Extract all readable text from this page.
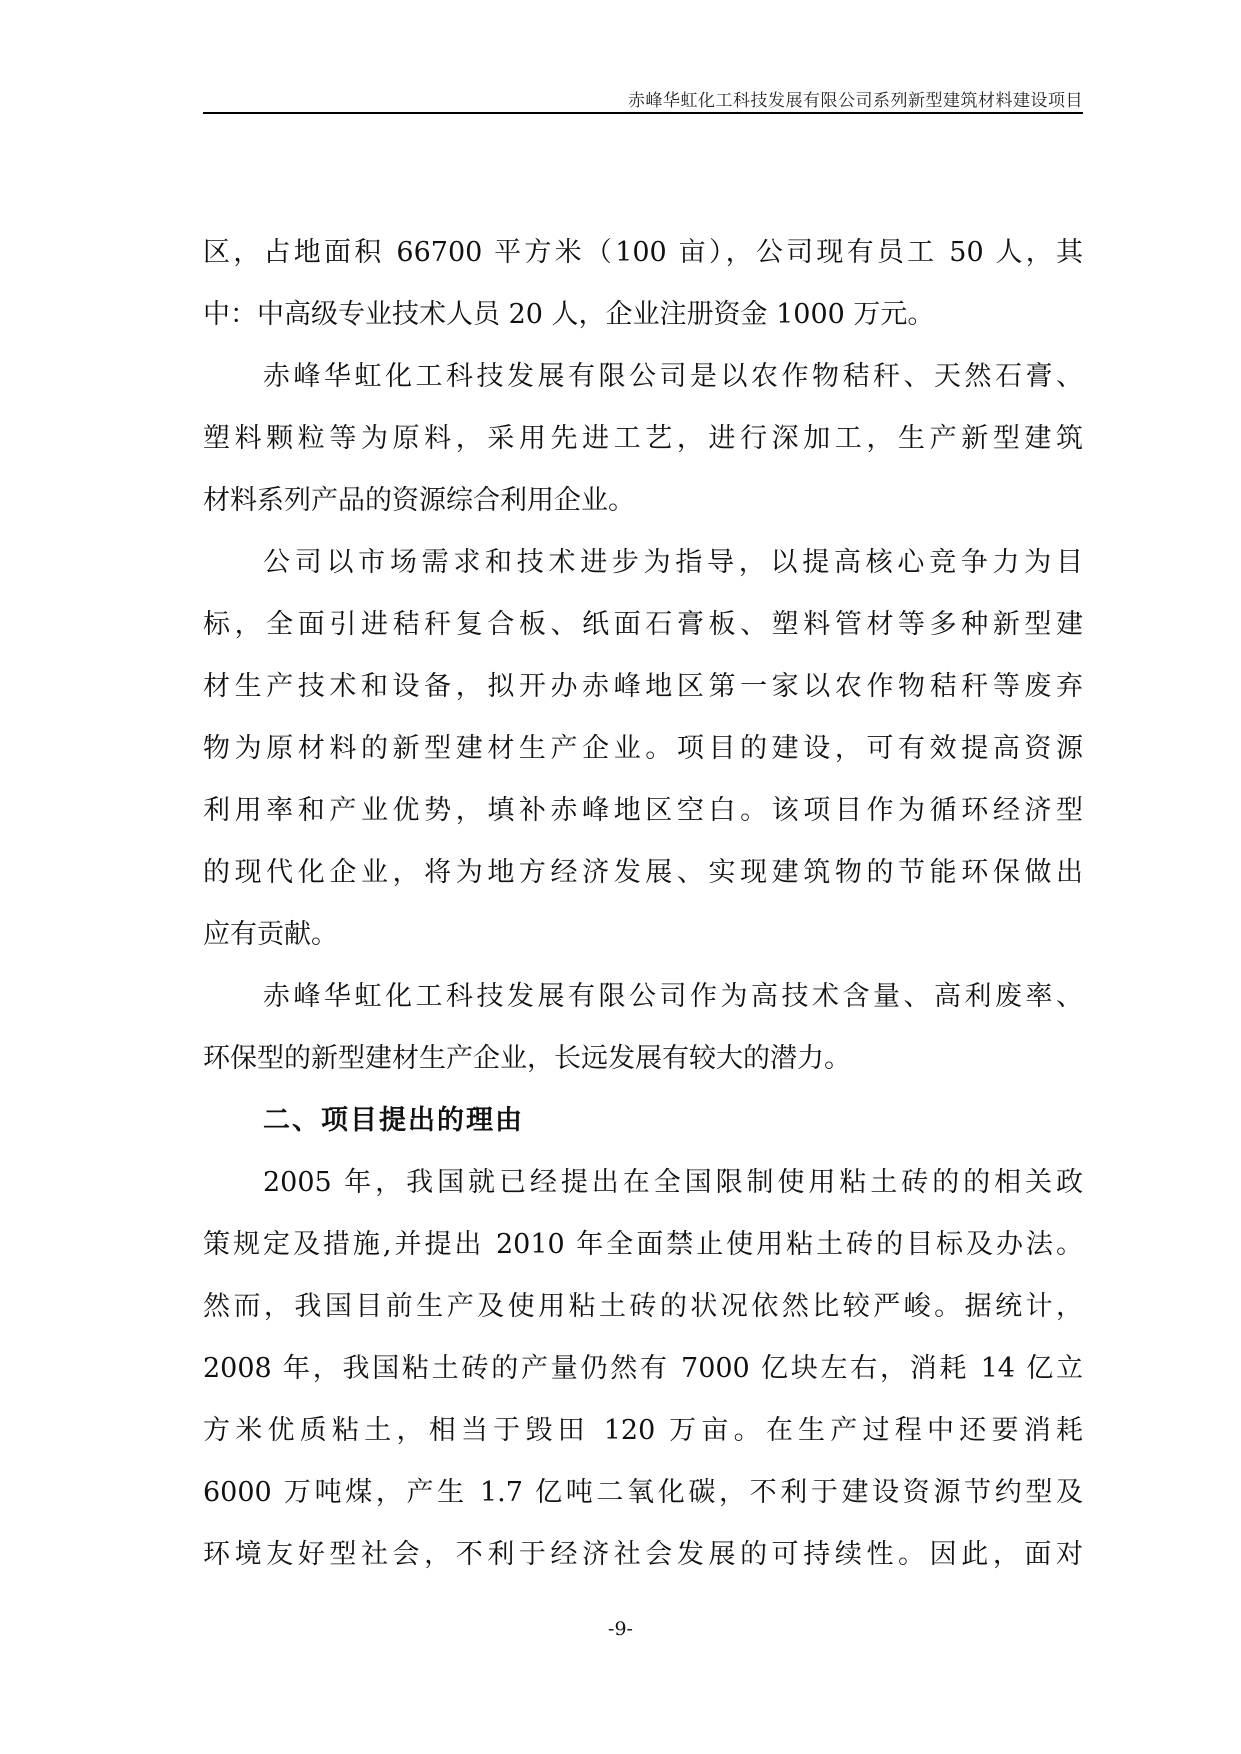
赤峰华虹化工科技发展有限公司系列新型建筑材料建设项目
区，占地面积 66700 平方米（100 亩），公司现有员工 50 人，其
中：中高级专业技术人员 20 人，企业注册资金 1000 万元。
赤峰华虹化工科技发展有限公司是以农作物秸秆、天然石膏、
塑料颗粒等为原料，采用先进工艺，进行深加工，生产新型建筑
材料系列产品的资源综合利用企业。
公司以市场需求和技术进步为指导，以提高核心竞争力为目
标，全面引进秸秆复合板、纸面石膏板、塑料管材等多种新型建
材生产技术和设备，拟开办赤峰地区第一家以农作物秸秆等废弃
物为原材料的新型建材生产企业。项目的建设，可有效提高资源
利用率和产业优势，填补赤峰地区空白。该项目作为循环经济型
的现代化企业，将为地方经济发展、实现建筑物的节能环保做出
应有贡献。
赤峰华虹化工科技发展有限公司作为高技术含量、高利废率、
环保型的新型建材生产企业，长远发展有较大的潜力。
二、项目提出的理由
2005 年，我国就已经提出在全国限制使用粘土砖的的相关政
策规定及措施,并提出 2010 年全面禁止使用粘土砖的目标及办法。
然而，我国目前生产及使用粘土砖的状况依然比较严峻。据统计，
2008 年，我国粘土砖的产量仍然有 7000 亿块左右，消耗 14 亿立
方米优质粘土，相当于毁田 120 万亩。在生产过程中还要消耗
6000 万吨煤，产生 1.7 亿吨二氧化碳，不利于建设资源节约型及
环境友好型社会，不利于经济社会发展的可持续性。因此，面对
-9-
